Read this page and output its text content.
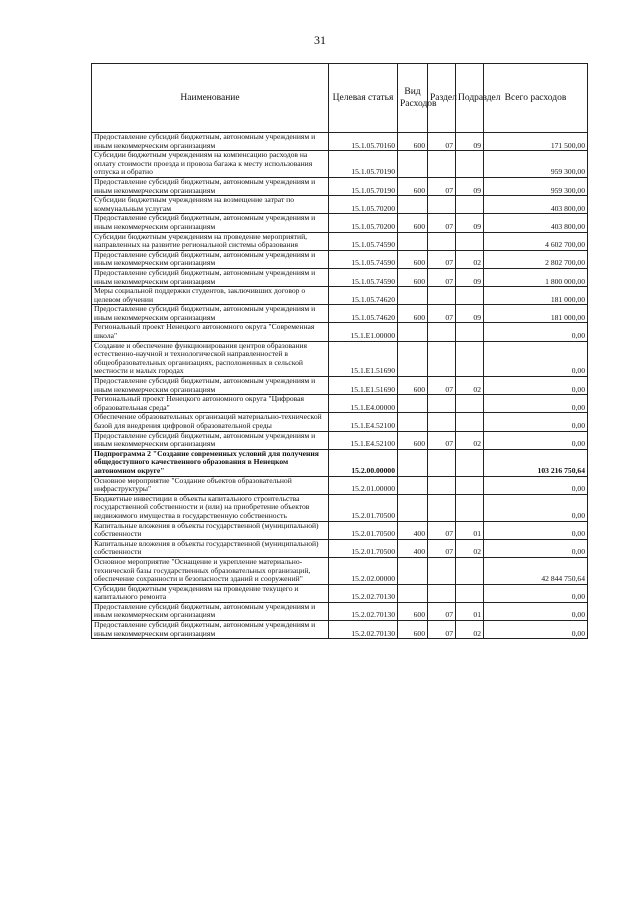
31
Наименование	Целевая статья	Вид Расходов	Раздел	Подраздел	Всего расходов
Предоставление субсидий бюджетным, автономным учреждениям и иным некоммерческим организациям	15.1.05.70160	600	07	09	171 500,00
Субсидии бюджетным учреждениям на компенсацию расходов на оплату стоимости проезда и провоза багажа к месту использования отпуска и обратно	15.1.05.70190				959 300,00
Предоставление субсидий бюджетным, автономным учреждениям и иным некоммерческим организациям	15.1.05.70190	600	07	09	959 300,00
Субсидии бюджетным учреждениям на возмещение затрат по коммунальным услугам	15.1.05.70200				403 800,00
Предоставление субсидий бюджетным, автономным учреждениям и иным некоммерческим организациям	15.1.05.70200	600	07	09	403 800,00
Субсидии бюджетным учреждениям на проведение мероприятий, направленных на развитие региональной системы образования	15.1.05.74590				4 602 700,00
Предоставление субсидий бюджетным, автономным учреждениям и иным некоммерческим организациям	15.1.05.74590	600	07	02	2 802 700,00
Предоставление субсидий бюджетным, автономным учреждениям и иным некоммерческим организациям	15.1.05.74590	600	07	09	1 800 000,00
Меры социальной поддержки студентов, заключивших договор о целевом обучении	15.1.05.74620				181 000,00
Предоставление субсидий бюджетным, автономным учреждениям и иным некоммерческим организациям	15.1.05.74620	600	07	09	181 000,00
Региональный проект Ненецкого автономного округа "Современная школа"	15.1.E1.00000				0,00
Создание и обеспечение функционирования центров образования естественно-научной и технологической направленностей в общеобразовательных организациях, расположенных в сельской местности и малых городах	15.1.E1.51690				0,00
Предоставление субсидий бюджетным, автономным учреждениям и иным некоммерческим организациям	15.1.E1.51690	600	07	02	0,00
Региональный проект Ненецкого автономного округа "Цифровая образовательная среда"	15.1.E4.00000				0,00
Обеспечение образовательных организаций материально-технической базой для внедрения цифровой образовательной среды	15.1.E4.52100				0,00
Предоставление субсидий бюджетным, автономным учреждениям и иным некоммерческим организациям	15.1.E4.52100	600	07	02	0,00
Подпрограмма 2 "Создание современных условий для получения общедоступного качественного образования в Ненецком автономном округе"	15.2.00.00000				103 216 750,64
Основное мероприятие "Создание объектов образовательной инфраструктуры"	15.2.01.00000				0,00
Бюджетные инвестиции в объекты капитального строительства государственной собственности и (или) на приобретение объектов недвижимого имущества в государственную собственность	15.2.01.70500				0,00
Капитальные вложения в объекты государственной (муниципальной) собственности	15.2.01.70500	400	07	01	0,00
Капитальные вложения в объекты государственной (муниципальной) собственности	15.2.01.70500	400	07	02	0,00
Основное мероприятие "Оснащение и укрепление материально-технической базы государственных образовательных организаций, обеспечение сохранности и безопасности зданий и сооружений"	15.2.02.00000				42 844 750,64
Субсидии бюджетным учреждениям на проведение текущего и капитального ремонта	15.2.02.70130				0,00
Предоставление субсидий бюджетным, автономным учреждениям и иным некоммерческим организациям	15.2.02.70130	600	07	01	0,00
Предоставление субсидий бюджетным, автономным учреждениям и иным некоммерческим организациям	15.2.02.70130	600	07	02	0,00
